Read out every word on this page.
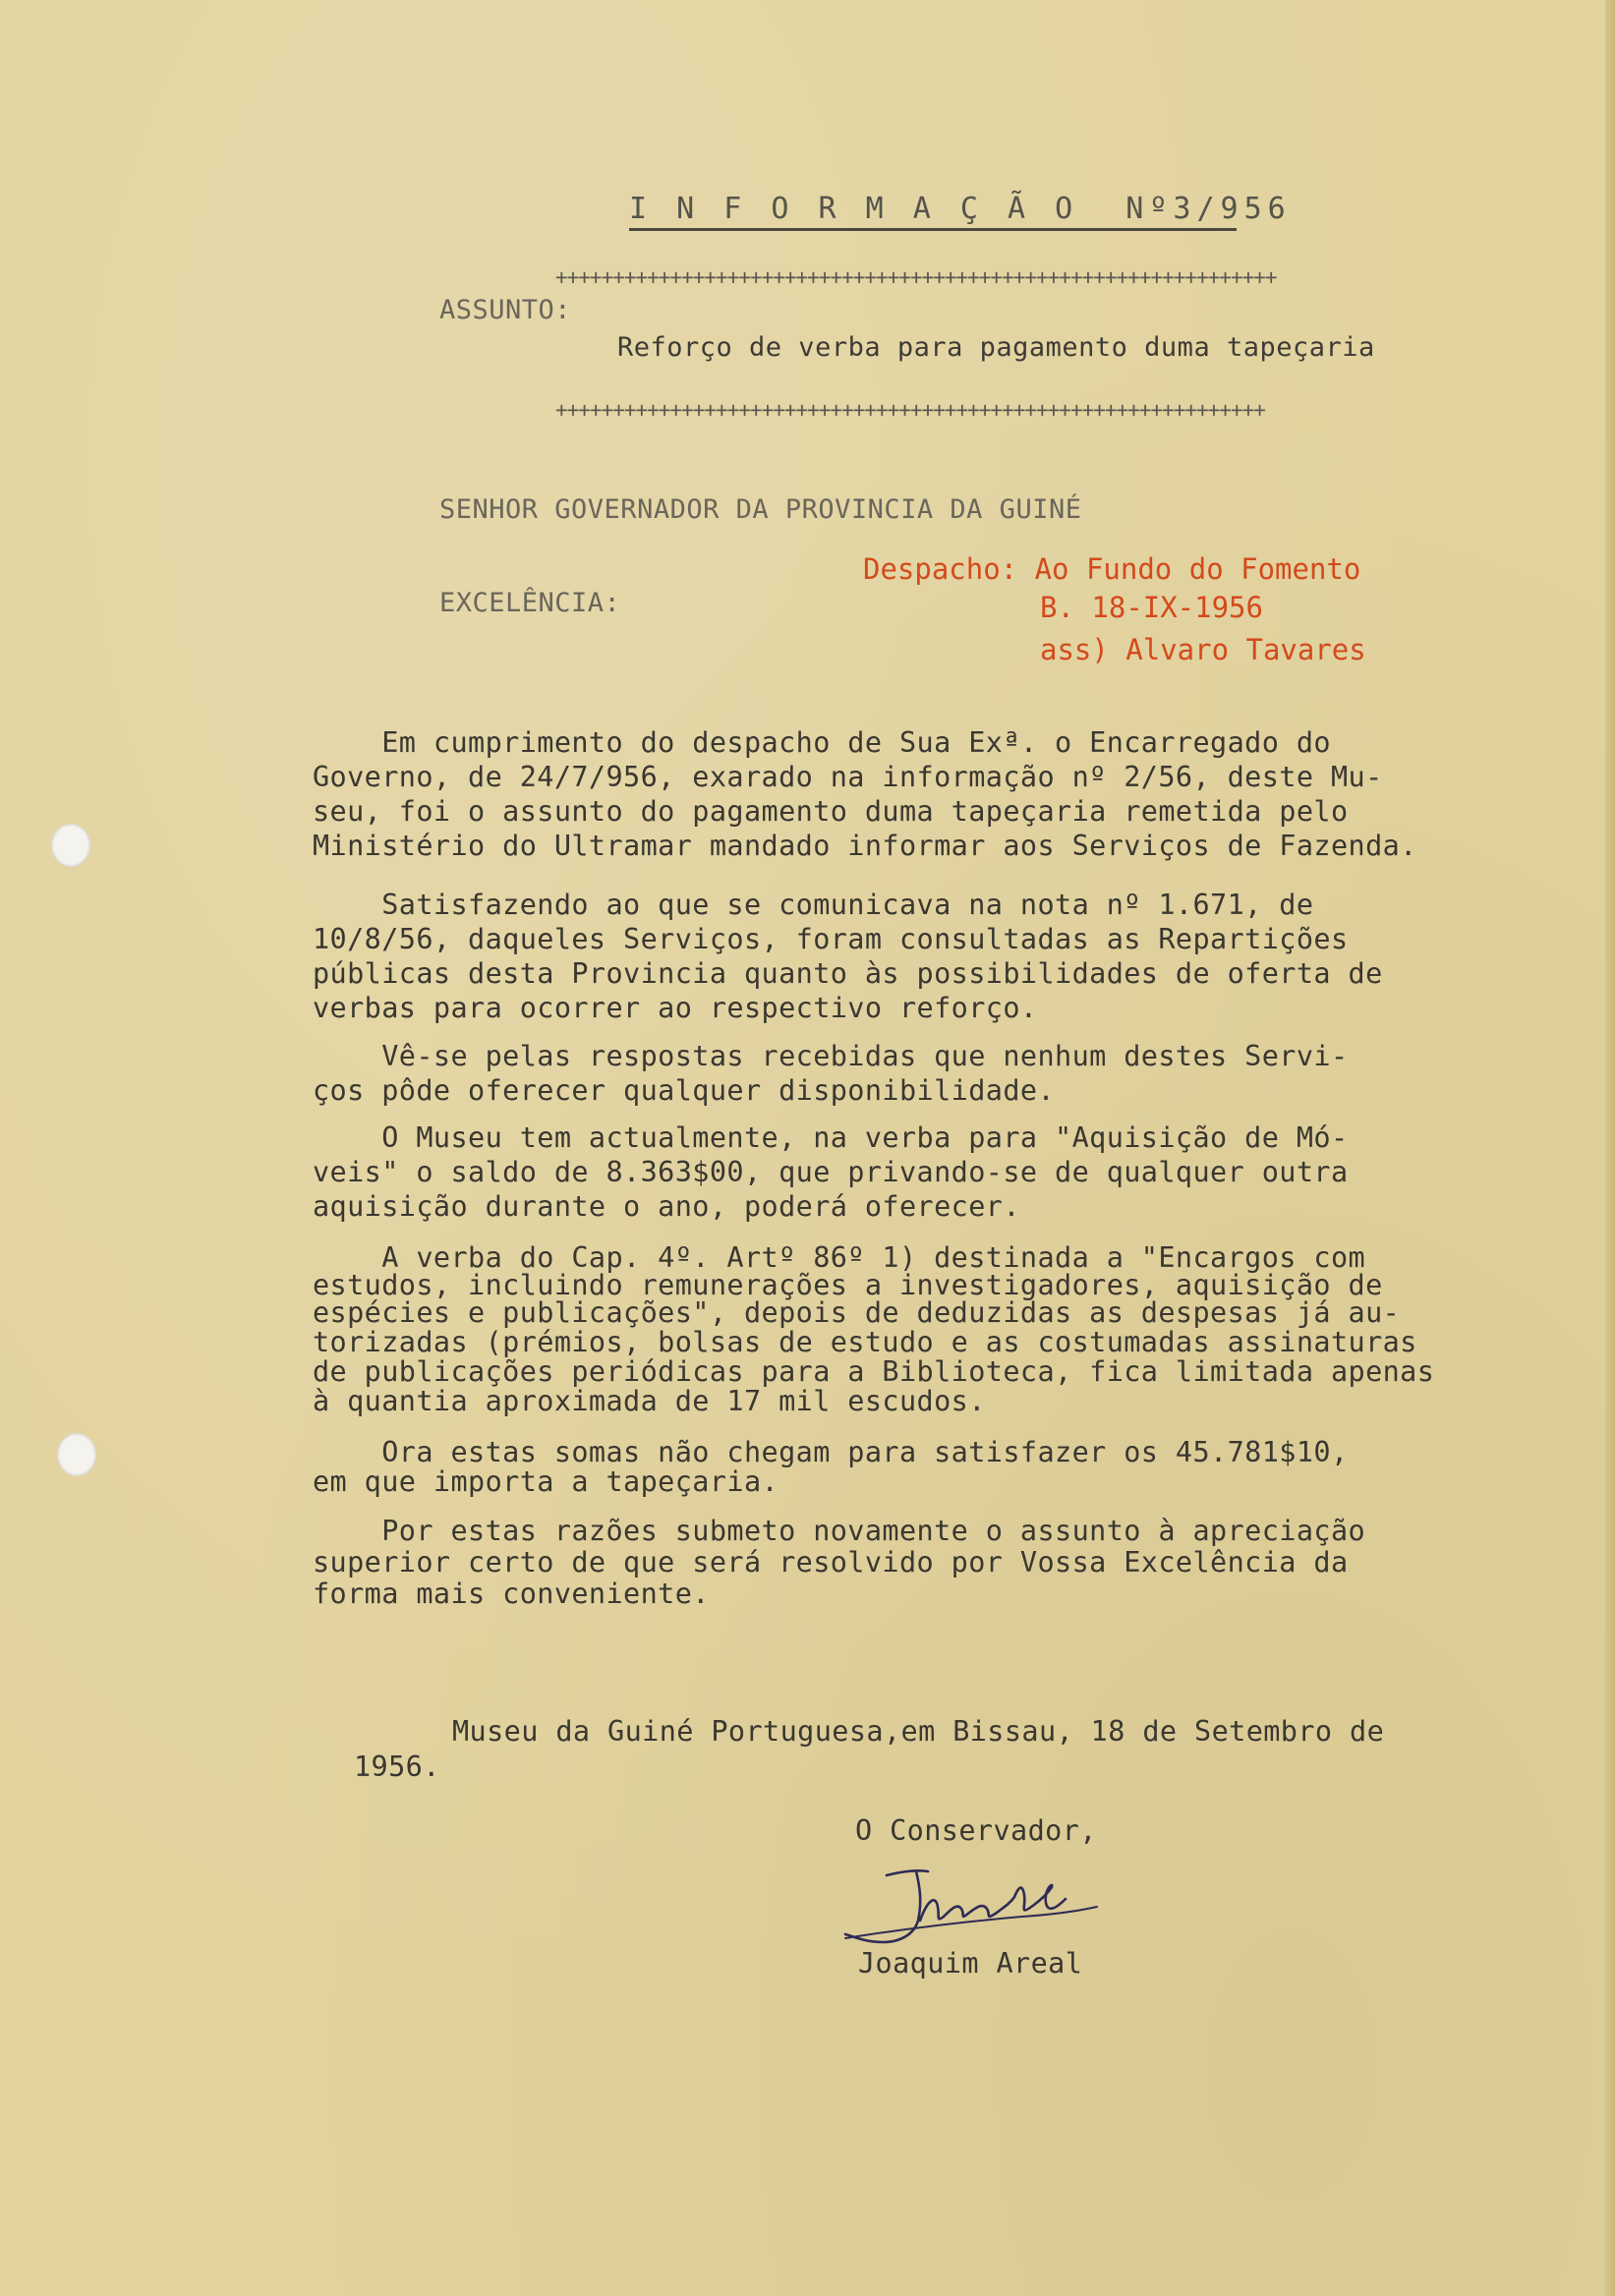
I N F O R M A Ç Ã O  Nº3/956
+++++++++++++++++++++++++++++++++++++++++++++++++++++++++++++++
ASSUNTO:
Reforço de verba para pagamento duma tapeçaria
++++++++++++++++++++++++++++++++++++++++++++++++++++++++++++++
SENHOR GOVERNADOR DA PROVINCIA DA GUINÉ
Despacho: Ao Fundo do Fomento
B. 18-IX-1956
ass) Alvaro Tavares
EXCELÊNCIA:
Em cumprimento do despacho de Sua Exª. o Encarregado do
Governo, de 24/7/956, exarado na informação nº 2/56, deste Mu-
seu, foi o assunto do pagamento duma tapeçaria remetida pelo
Ministério do Ultramar mandado informar aos Serviços de Fazenda.
Satisfazendo ao que se comunicava na nota nº 1.671, de
10/8/56, daqueles Serviços, foram consultadas as Repartições
públicas desta Provincia quanto às possibilidades de oferta de
verbas para ocorrer ao respectivo reforço.
Vê-se pelas respostas recebidas que nenhum destes Servi-
ços pôde oferecer qualquer disponibilidade.
O Museu tem actualmente, na verba para "Aquisição de Mó-
veis" o saldo de 8.363$00, que privando-se de qualquer outra
aquisição durante o ano, poderá oferecer.
A verba do Cap. 4º. Artº 86º 1) destinada a "Encargos com
estudos, incluindo remunerações a investigadores, aquisição de
espécies e publicações", depois de deduzidas as despesas já au-
torizadas (prémios, bolsas de estudo e as costumadas assinaturas
de publicações periódicas para a Biblioteca, fica limitada apenas
à quantia aproximada de 17 mil escudos.
Ora estas somas não chegam para satisfazer os 45.781$10,
em que importa a tapeçaria.
Por estas razões submeto novamente o assunto à apreciação
superior certo de que será resolvido por Vossa Excelência da
forma mais conveniente.
Museu da Guiné Portuguesa,em Bissau, 18 de Setembro de
1956.
O Conservador,
Joaquim Areal
